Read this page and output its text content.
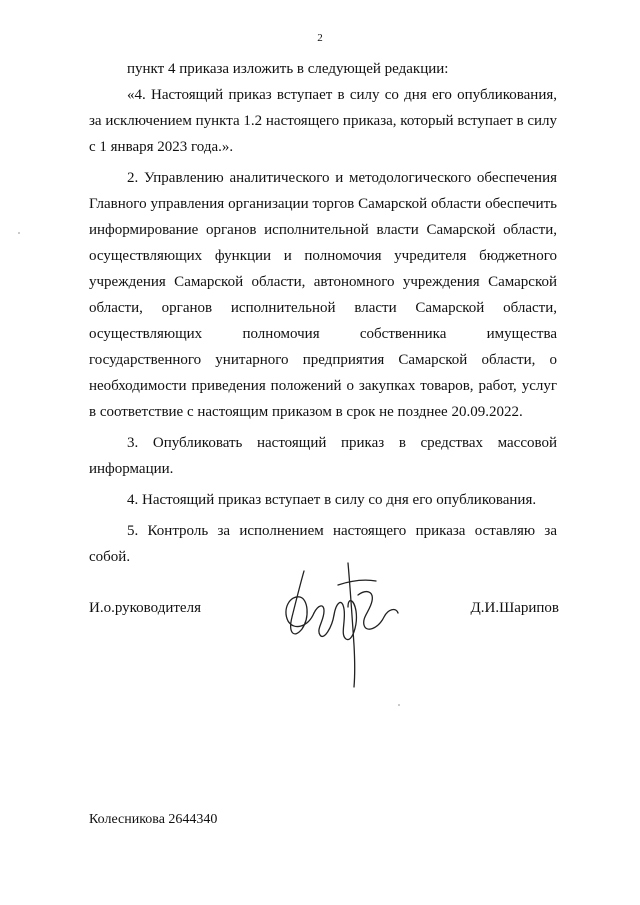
2

пункт 4 приказа изложить в следующей редакции:

«4. Настоящий приказ вступает в силу со дня его опубликования, за исключением пункта 1.2 настоящего приказа, который вступает в силу с 1 января 2023 года.».

2. Управлению аналитического и методологического обеспечения Главного управления организации торгов Самарской области обеспечить информирование органов исполнительной власти Самарской области, осуществляющих функции и полномочия учредителя бюджетного учреждения Самарской области, автономного учреждения Самарской области, органов исполнительной власти Самарской области, осуществляющих полномочия собственника имущества государственного унитарного предприятия Самарской области, о необходимости приведения положений о закупках товаров, работ, услуг в соответствие с настоящим приказом в срок не позднее 20.09.2022.

3. Опубликовать настоящий приказ в средствах массовой информации.

4. Настоящий приказ вступает в силу со дня его опубликования.

5. Контроль за исполнением настоящего приказа оставляю за собой.

И.о.руководителя	Д.И.Шарипов
Колесникова 2644340
